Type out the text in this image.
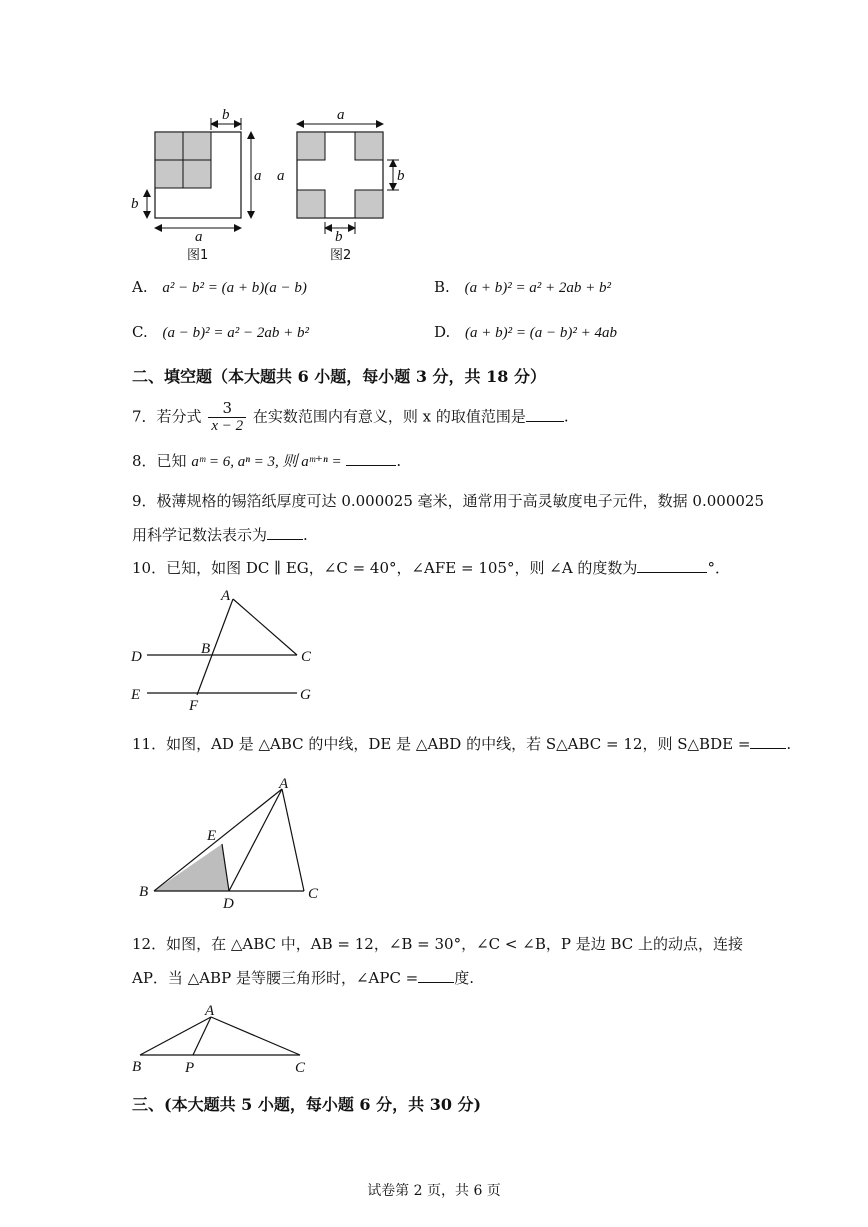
b
a
b
a
图1
a
a	b
b
图2
A. a² − b² = (a + b)(a − b)	B. (a + b)² = a² + 2ab + b²
C. (a − b)² = a² − 2ab + b²	D. (a + b)² = (a − b)² + 4ab
二、填空题（本大题共 6 小题，每小题 3 分，共 18 分）
7．若分式 $\frac{3}{x - 2}$ 在实数范围内有意义，则 x 的取值范围是	.
8．已知 aᵐ = 6, aⁿ = 3, 则 aᵐ⁺ⁿ =	.
9．极薄规格的锡箔纸厚度可达 0.000025 毫米，通常用于高灵敏度电子元件，数据 0.000025
用科学记数法表示为 .
10．已知，如图 DC ∥ EG，∠C = 40°，∠AFE = 105°，则 ∠A 的度数为	°．
A
B	C
D
E
F
G
11．如图，AD 是 △ABC 的中线，DE 是 △ABD 的中线，若 S△ABC = 12，则 S△BDE = .
A
B	C
D
E
12．如图，在 △ABC 中，AB = 12，∠B = 30°，∠C < ∠B，P 是边 BC 上的动点，连接
AP．当 △ABP 是等腰三角形时，∠APC = 度.
A
B	C
P
三、(本大题共 5 小题，每小题 6 分，共 30 分)
试卷第 2 页，共 6 页
